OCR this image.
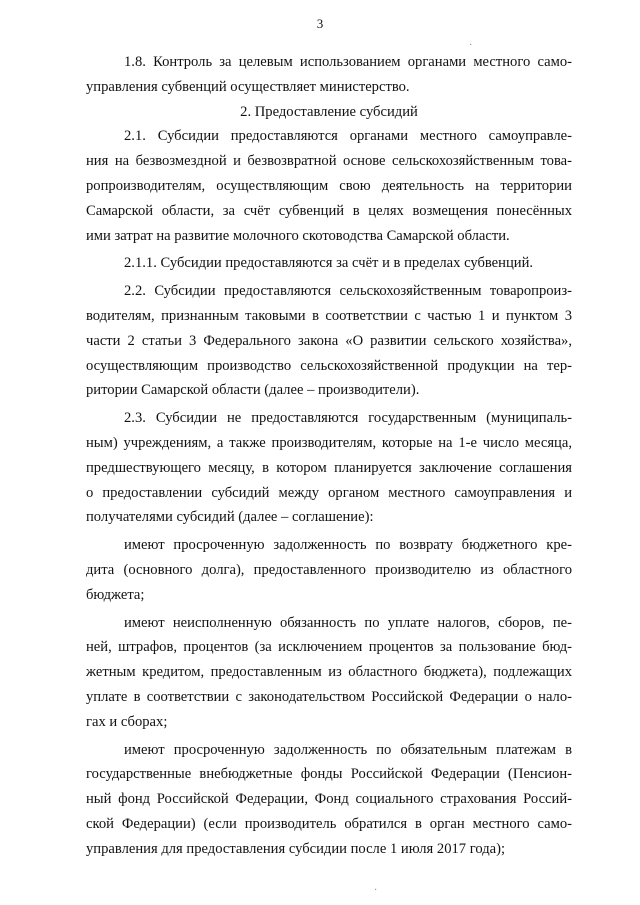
3
1.8. Контроль за целевым использованием органами местного само-
управления субвенций осуществляет министерство.
2. Предоставление субсидий
2.1. Субсидии предоставляются органами местного самоуправле-
ния на безвозмездной и безвозвратной основе сельскохозяйственным това-
ропроизводителям, осуществляющим свою деятельность на территории
Самарской области, за счёт субвенций в целях возмещения понесённых
ими затрат на развитие молочного скотоводства Самарской области.
2.1.1. Субсидии предоставляются за счёт и в пределах субвенций.
2.2. Субсидии предоставляются сельскохозяйственным товаропроиз-
водителям, признанным таковыми в соответствии с частью 1 и пунктом 3
части 2 статьи 3 Федерального закона «О развитии сельского хозяйства»,
осуществляющим производство сельскохозяйственной продукции на тер-
ритории Самарской области (далее – производители).
2.3. Субсидии не предоставляются государственным (муниципаль-
ным) учреждениям, а также производителям, которые на 1-е число месяца,
предшествующего месяцу, в котором планируется заключение соглашения
о предоставлении субсидий между органом местного самоуправления и
получателями субсидий (далее – соглашение):
имеют просроченную задолженность по возврату бюджетного кре-
дита (основного долга), предоставленного производителю из областного
бюджета;
имеют неисполненную обязанность по уплате налогов, сборов, пе-
ней, штрафов, процентов (за исключением процентов за пользование бюд-
жетным кредитом, предоставленным из областного бюджета), подлежащих
уплате в соответствии с законодательством Российской Федерации о нало-
гах и сборах;
имеют просроченную задолженность по обязательным платежам в
государственные внебюджетные фонды Российской Федерации (Пенсион-
ный фонд Российской Федерации, Фонд социального страхования Россий-
ской Федерации) (если производитель обратился в орган местного само-
управления для предоставления субсидии после 1 июля 2017 года);
·
·
